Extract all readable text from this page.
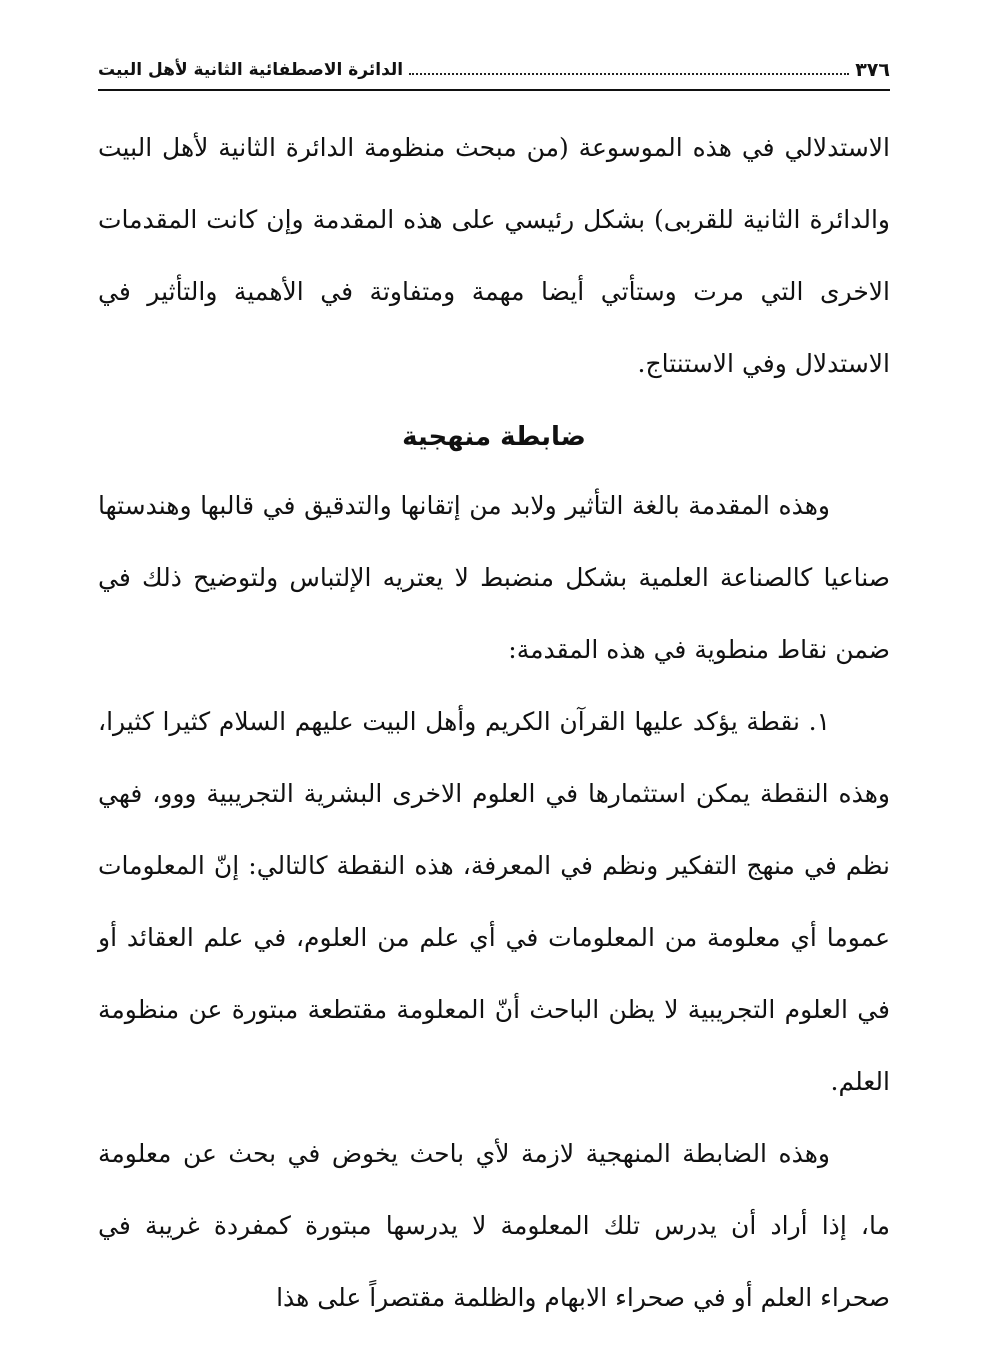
٣٧٦
الدائرة الاصطفائية الثانية لأهل البيت

الاستدلالي في هذه الموسوعة (من مبحث منظومة الدائرة الثانية لأهل البيت والدائرة الثانية للقربى) بشكل رئيسي على هذه المقدمة وإن كانت المقدمات الاخرى التي مرت وستأتي أيضا مهمة ومتفاوتة في الأهمية والتأثير في الاستدلال وفي الاستنتاج.

ضابطة منهجية

وهذه المقدمة بالغة التأثير ولابد من إتقانها والتدقيق في قالبها وهندستها صناعيا كالصناعة العلمية بشكل منضبط لا يعتريه الإلتباس ولتوضيح ذلك في ضمن نقاط منطوية في هذه المقدمة:

١. نقطة يؤكد عليها القرآن الكريم وأهل البيت عليهم السلام كثيرا كثيرا، وهذه النقطة يمكن استثمارها في العلوم الاخرى البشرية التجريبية ووو، فهي نظم في منهج التفكير ونظم في المعرفة، هذه النقطة كالتالي: إنّ المعلومات عموما أي معلومة من المعلومات في أي علم من العلوم، في علم العقائد أو في العلوم التجريبية لا يظن الباحث أنّ المعلومة مقتطعة مبتورة عن منظومة العلم.

وهذه الضابطة المنهجية لازمة لأي باحث يخوض في بحث عن معلومة ما، إذا أراد أن يدرس تلك المعلومة لا يدرسها مبتورة كمفردة غريبة في صحراء العلم أو في صحراء الابهام والظلمة مقتصراً على هذا
